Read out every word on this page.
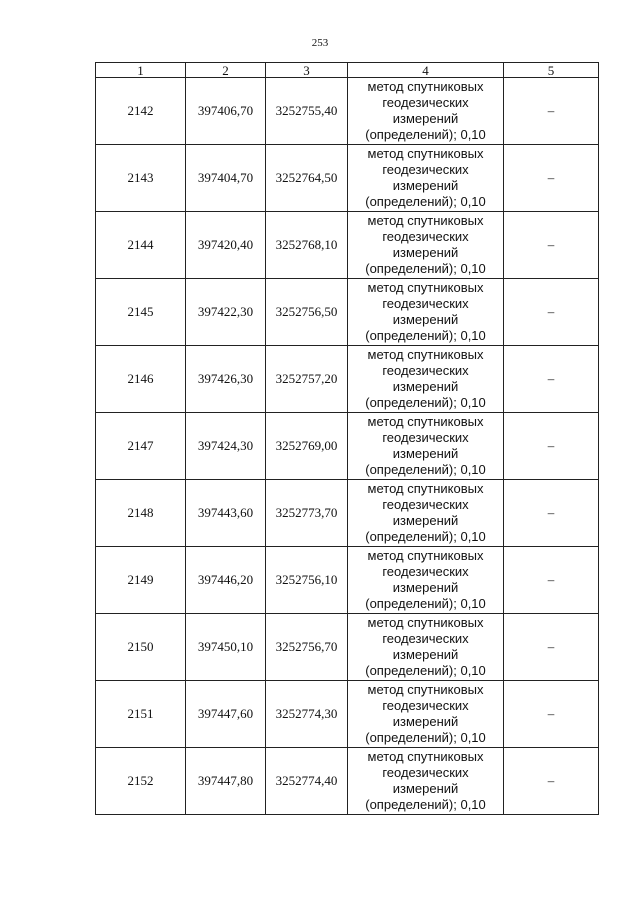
253
1	2	3	4	5
2142	397406,70	3252755,40	метод спутниковых
геодезических
измерений
(определений); 0,10	–
2143	397404,70	3252764,50	метод спутниковых
геодезических
измерений
(определений); 0,10	–
2144	397420,40	3252768,10	метод спутниковых
геодезических
измерений
(определений); 0,10	–
2145	397422,30	3252756,50	метод спутниковых
геодезических
измерений
(определений); 0,10	–
2146	397426,30	3252757,20	метод спутниковых
геодезических
измерений
(определений); 0,10	–
2147	397424,30	3252769,00	метод спутниковых
геодезических
измерений
(определений); 0,10	–
2148	397443,60	3252773,70	метод спутниковых
геодезических
измерений
(определений); 0,10	–
2149	397446,20	3252756,10	метод спутниковых
геодезических
измерений
(определений); 0,10	–
2150	397450,10	3252756,70	метод спутниковых
геодезических
измерений
(определений); 0,10	–
2151	397447,60	3252774,30	метод спутниковых
геодезических
измерений
(определений); 0,10	–
2152	397447,80	3252774,40	метод спутниковых
геодезических
измерений
(определений); 0,10	–
